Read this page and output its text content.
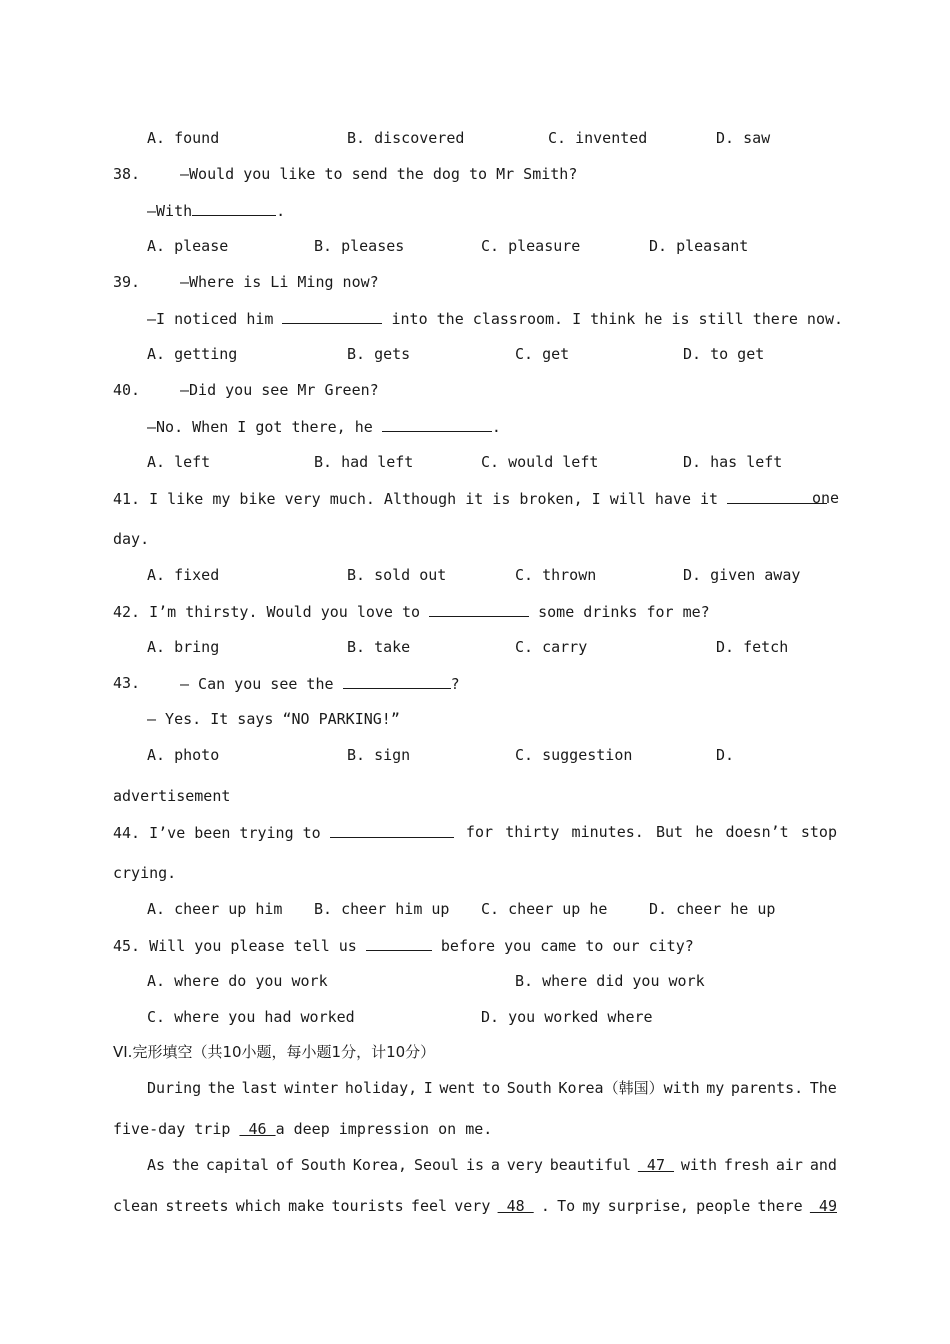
A. found	B. discovered	C. invented	D. saw
38.	—Would you like to send the dog to Mr Smith?
—With	.
A. please	B. pleases	C. pleasure	D. pleasant
39.	—Where is Li Ming now?
—I noticed him	into the classroom. I think he is still there now.
A. getting	B. gets	C. get	D. to get
40.	—Did you see Mr Green?
—No. When I got there, he	.
A. left	B. had left	C. would left	D. has left
41. I like my bike very much. Although it is broken, I will have it	one
day.
A. fixed	B. sold out	C. thrown	D. given away
42. I’m thirsty. Would you love to	some drinks for me?
A. bring	B. take	C. carry	D. fetch
43.	— Can you see the	?
— Yes. It says “NO PARKING!”
A. photo	B. sign	C. suggestion	D.
advertisement
44. I’ve been trying to	for thirty minutes. But he doesn’t stop
crying.
A. cheer up him B. cheer him up C. cheer up he	D. cheer he up
45. Will you please tell us	before you came to our city?
A. where do you work	B. where did you work
C. where you had worked	D. you worked where
VI.完形填空（共10小题，每小题1分，计10分）
During the last winter holiday, I went to South Korea（韩国）with my parents. The
five-day trip  46 a deep impression on me.
As the capital of South Korea, Seoul is a very beautiful 47 with fresh air and
clean streets which make tourists feel very 48 . To my surprise, people there 49
